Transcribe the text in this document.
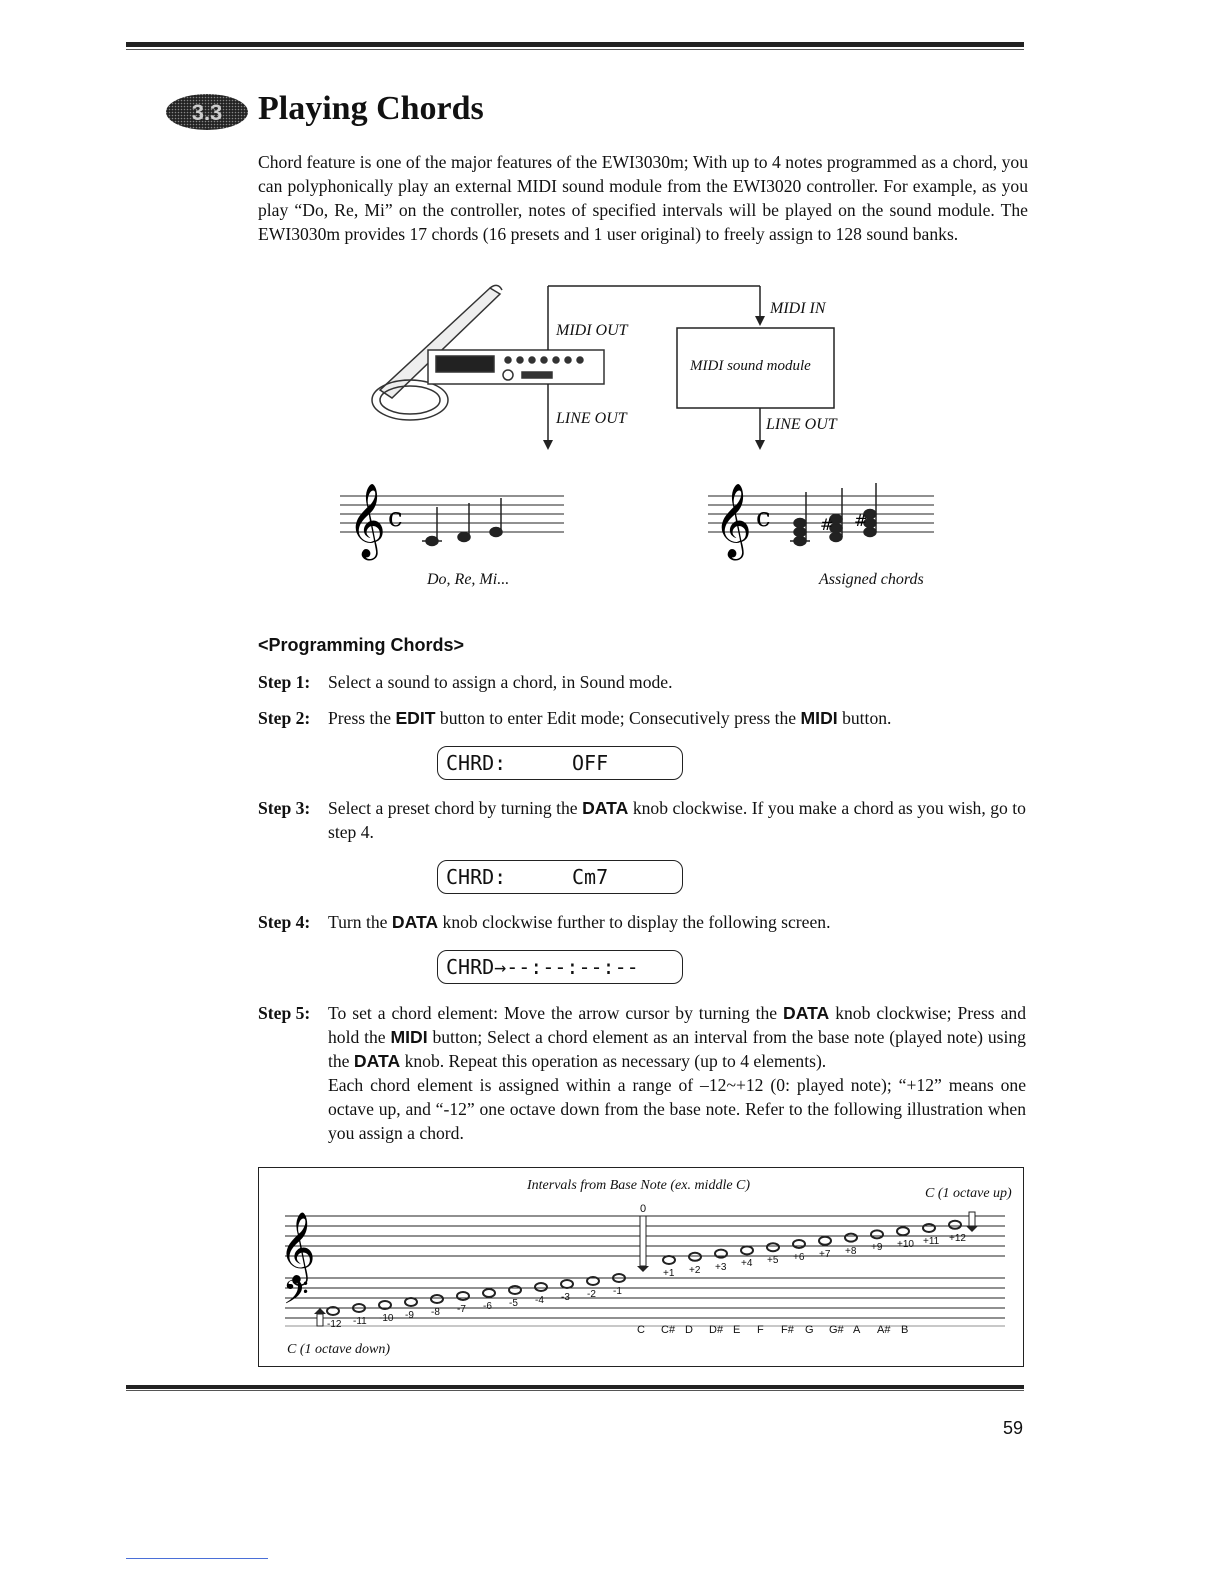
3.3 Playing Chords

Chord feature is one of the major features of the EWI3030m; With up to 4 notes programmed as a chord, you can polyphonically play an external MIDI sound module from the EWI3020 controller. For example, as you play “Do, Re, Mi” on the controller, notes of specified intervals will be played on the sound module. The EWI3030m provides 17 chords (16 presets and 1 user original) to freely assign to 128 sound banks.

𝄞 c	𝄞 c	# #
MIDI OUT
MIDI IN
MIDI sound module
LINE OUT	LINE OUT
Do, Re, Mi...	Assigned chords
<Programming Chords>
Step 1: Select a sound to assign a chord, in Sound mode.
Step 2: Press the EDIT button to enter Edit mode; Consecutively press the MIDI button.
CHRD:	OFF
Step 3: Select a preset chord by turning the DATA knob clockwise. If you make a chord as you wish, go to step 4.
CHRD:	Cm7
Step 4: Turn the DATA knob clockwise further to display the following screen.
CHRD→--:--:--:--
Step 5: To set a chord element: Move the arrow cursor by turning the DATA knob clockwise; Press and hold the MIDI button; Select a chord element as an interval from the base note (played note) using the DATA knob. Repeat this operation as necessary (up to 4 elements).
Each chord element is assigned within a range of –12~+12 (0: played note); “+12” means one octave up, and “-12” one octave down from the base note. Refer to the following illustration when you assign a chord.
𝄞
𝄢
Intervals from Base Note (ex. middle C)
C (1 octave up)
C (1 octave down)
0
+1 +2 +3 +4 +5 +6 +7 +8 +9 +10 +11 +12
-1
-2
-3
-4
-5
-6
-7
-8
-9
-10
-11
-12	C C# D D# E F F# G G# A A# B
59
